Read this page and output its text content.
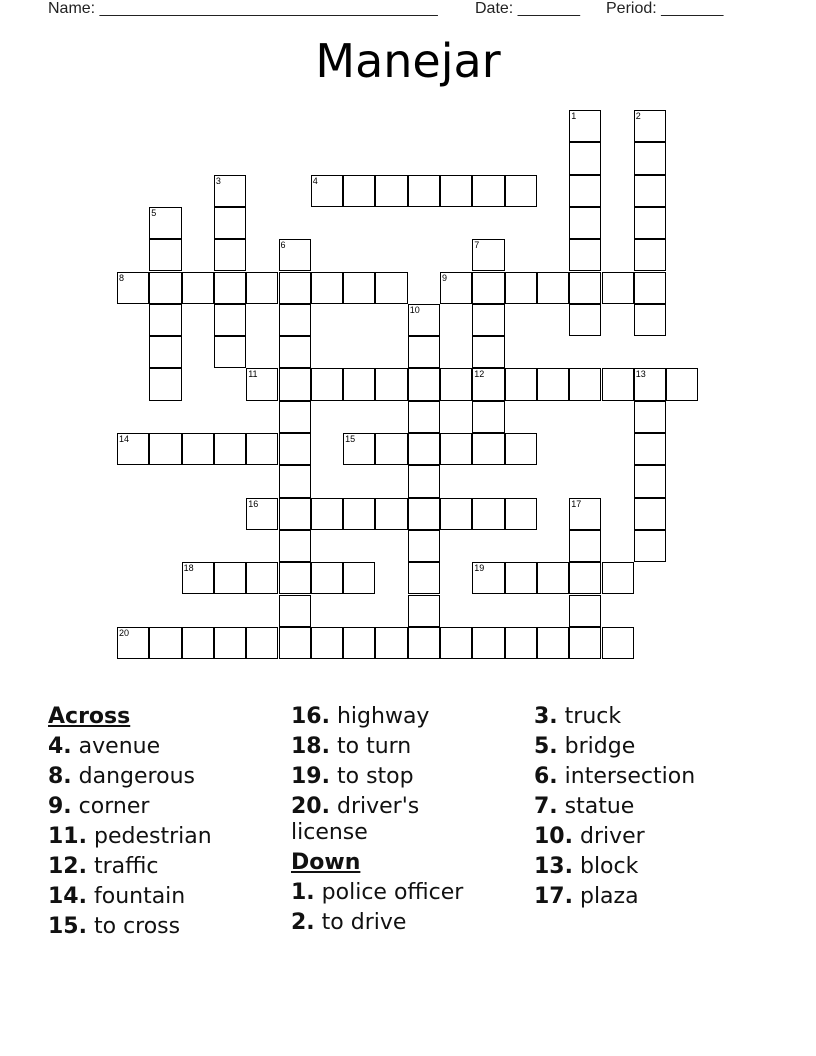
Name: ______________________________________ Date: _______ Period: _______
Manejar
1	2
3	4
5
6	7
12
8	9
10
11	13
14	15
16	17
18	19
20
Across
4. avenue
8. dangerous
9. corner
11. pedestrian
12. traffic
14. fountain
15. to cross
16. highway
18. to turn
19. to stop
20. driver's license
Down
1. police officer
2. to drive
3. truck
5. bridge
6. intersection
7. statue
10. driver
13. block
17. plaza
